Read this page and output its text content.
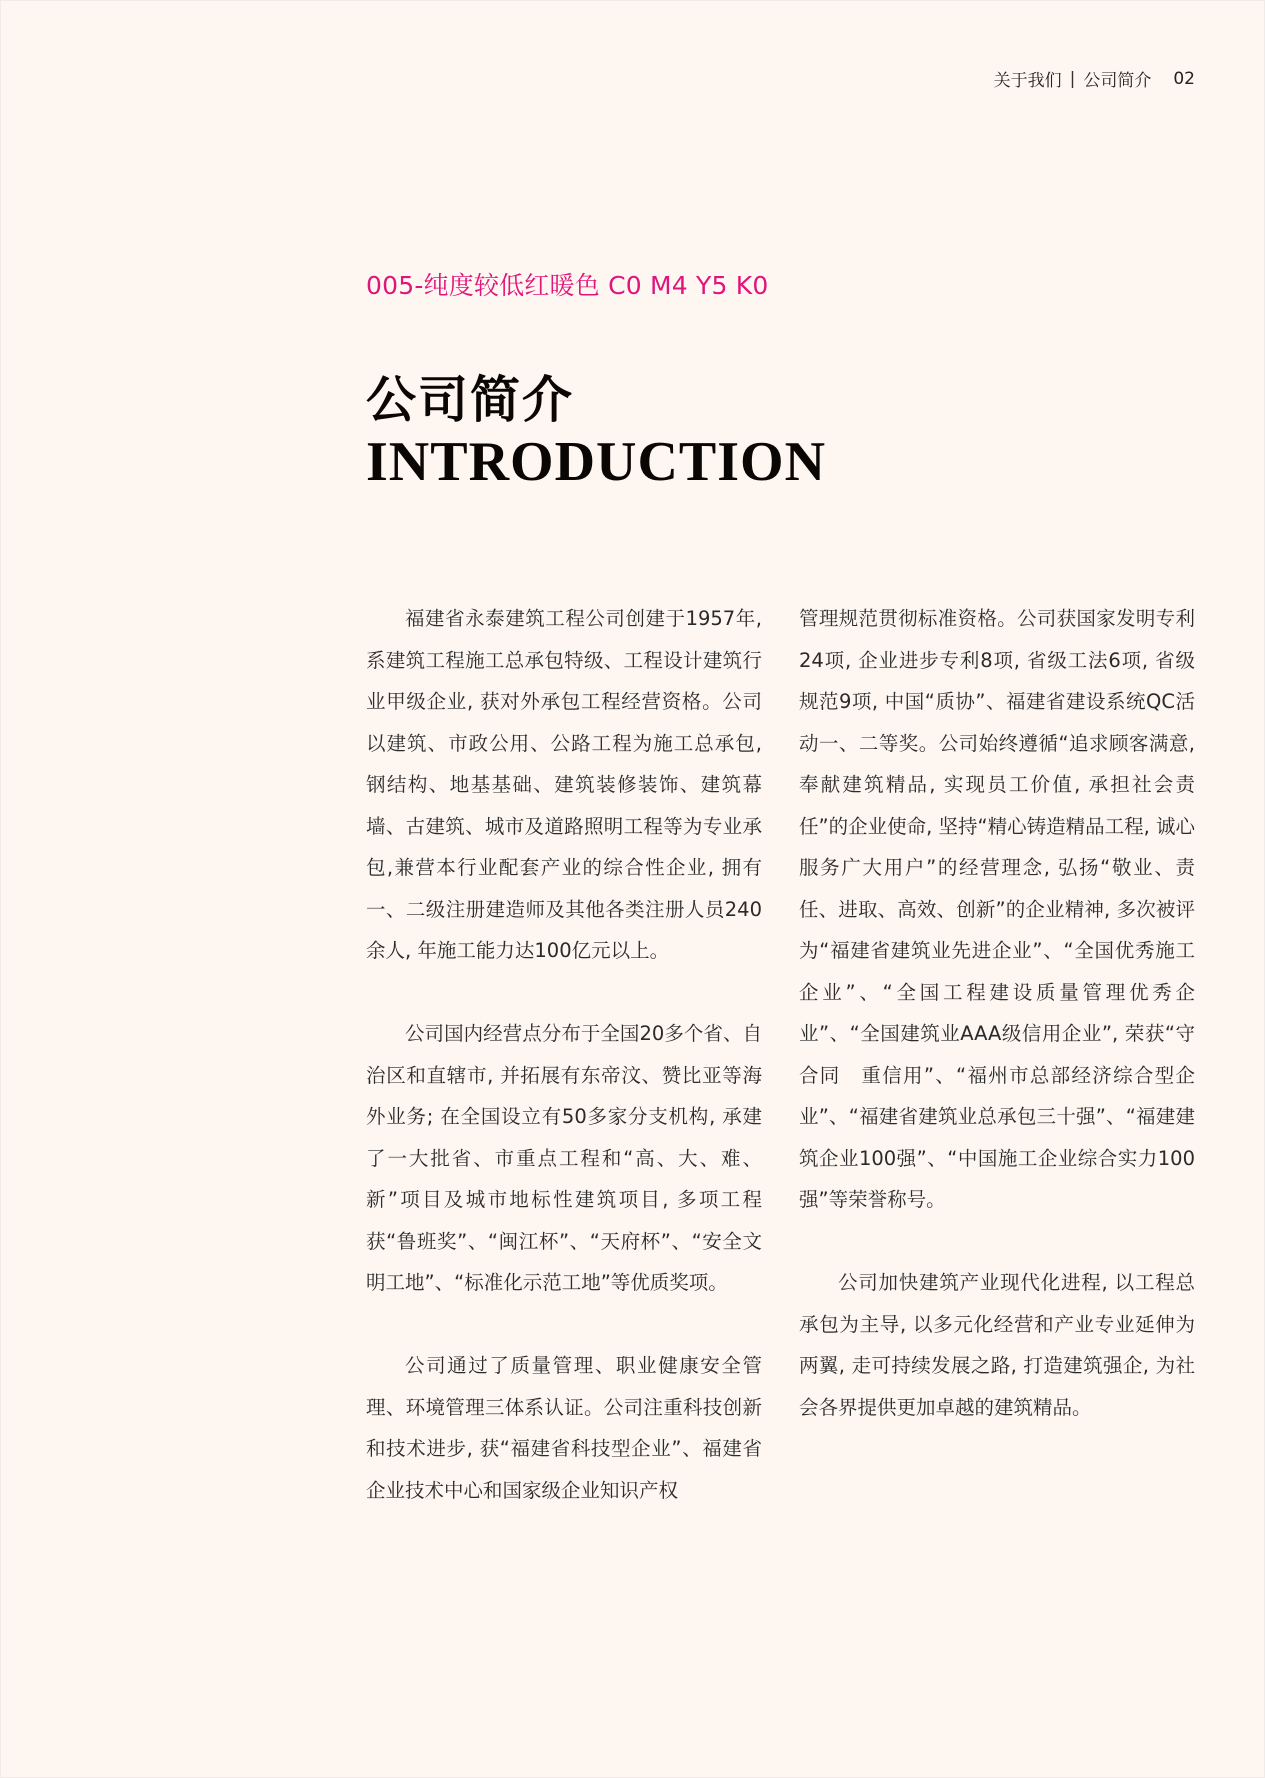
关于我们 | 公司简介 02
005-纯度较低红暖色 C0 M4 Y5 K0
公司简介
INTRODUCTION

福建省永泰建筑工程公司创建于1957年,系建筑工程施工总承包特级、工程设计建筑行业甲级企业, 获对外承包工程经营资格。公司以建筑、市政公用、公路工程为施工总承包,钢结构、地基基础、建筑装修装饰、建筑幕墙、古建筑、城市及道路照明工程等为专业承包,兼营本行业配套产业的综合性企业, 拥有一、二级注册建造师及其他各类注册人员240余人, 年施工能力达100亿元以上。

公司国内经营点分布于全国20多个省、自治区和直辖市, 并拓展有东帝汶、赞比亚等海外业务; 在全国设立有50多家分支机构, 承建了一大批省、市重点工程和“高、大、难、新”项目及城市地标性建筑项目, 多项工程获“鲁班奖”、“闽江杯”、“天府杯”、“安全文明工地”、“标准化示范工地”等优质奖项。

公司通过了质量管理、职业健康安全管理、环境管理三体系认证。公司注重科技创新和技术进步, 获“福建省科技型企业”、福建省企业技术中心和国家级企业知识产权

管理规范贯彻标准资格。公司获国家发明专利24项, 企业进步专利8项, 省级工法6项, 省级规范9项, 中国“质协”、福建省建设系统QC活动一、二等奖。公司始终遵循“追求顾客满意, 奉献建筑精品, 实现员工价值, 承担社会责任”的企业使命, 坚持“精心铸造精品工程, 诚心服务广大用户”的经营理念, 弘扬“敬业、责任、进取、高效、创新”的企业精神, 多次被评为“福建省建筑业先进企业”、“全国优秀施工企业”、“全国工程建设质量管理优秀企业”、“全国建筑业AAA级信用企业”, 荣获“守合同　重信用”、“福州市总部经济综合型企业”、“福建省建筑业总承包三十强”、“福建建筑企业100强”、“中国施工企业综合实力100强”等荣誉称号。

公司加快建筑产业现代化进程, 以工程总承包为主导, 以多元化经营和产业专业延伸为两翼, 走可持续发展之路, 打造建筑强企, 为社会各界提供更加卓越的建筑精品。
